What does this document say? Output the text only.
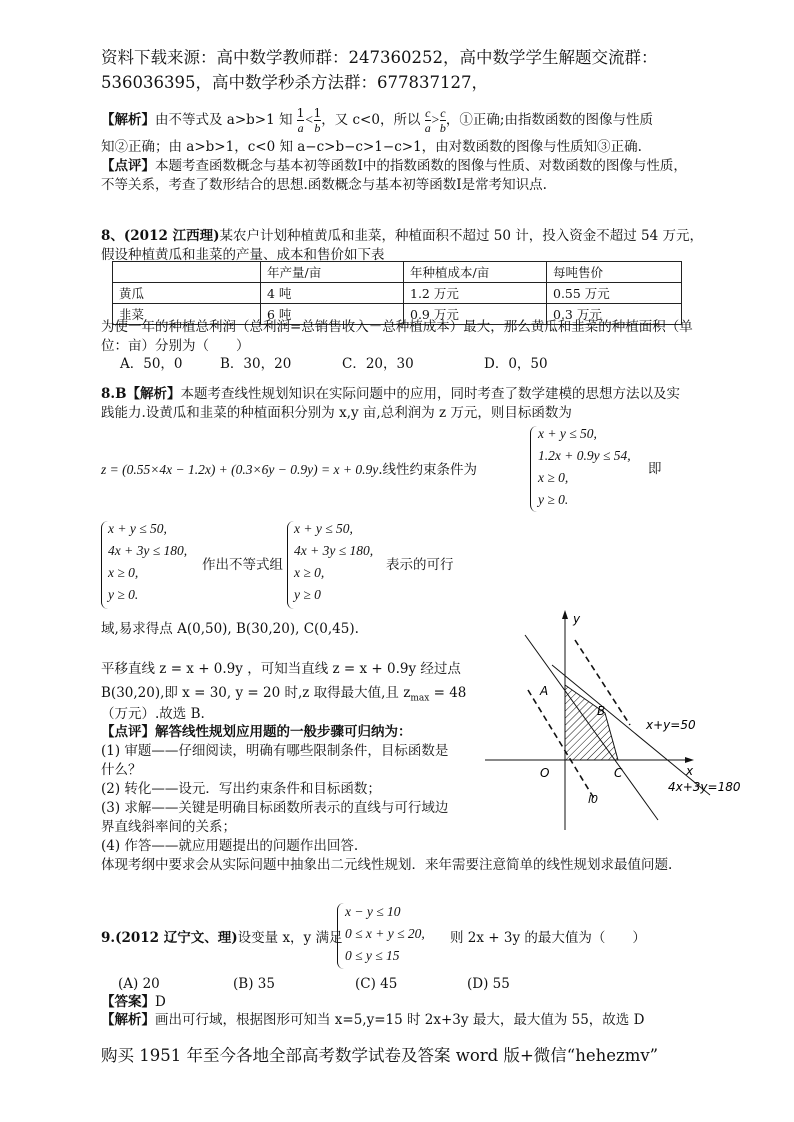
资料下载来源：高中数学教师群：247360252，高中数学学生解题交流群：
536036395，高中数学秒杀方法群：677837127，
【解析】由不等式及 a>b>1 知 $\frac{1}{a} < \frac{1}{b}$ ，又 c<0，所以 $\frac{c}{a} > \frac{c}{b}$ ，①正确;由指数函数的图像与性质
知②正确；由 a>b>1，c<0 知 a−c>b−c>1−c>1，由对数函数的图像与性质知③正确.
【点评】本题考查函数概念与基本初等函数Ⅰ中的指数函数的图像与性质、对数函数的图像与性质，
不等关系，考查了数形结合的思想.函数概念与基本初等函数Ⅰ是常考知识点.
8、(2012 江西理)某农户计划种植黄瓜和韭菜，种植面积不超过 50 计，投入资金不超过 54 万元，
假设种植黄瓜和韭菜的产量、成本和售价如下表
	年产量/亩	年种植成本/亩	每吨售价
黄瓜	4 吨	1.2 万元	0.55 万元
韭菜	6 吨	0.9 万元	0.3 万元
为使一年的种植总利润（总利润=总销售收入－总种植成本）最大，那么黄瓜和韭菜的种植面积（单
位：亩）分别为（　　）
A．50，0	B．30，20	C．20，30	D．0，50
8.B【解析】本题考查线性规划知识在实际问题中的应用，同时考查了数学建模的思想方法以及实
践能力.设黄瓜和韭菜的种植面积分别为 x,y 亩,总利润为 z 万元，则目标函数为
z = (0.55×4x − 1.2x) + (0.3×6y − 0.9y) = x + 0.9y.线性约束条件为
x + y ≤ 50,
1.2x + 0.9y ≤ 54,
x ≥ 0,
y ≥ 0.
即
x + y ≤ 50,
4x + 3y ≤ 180,
x ≥ 0,
y ≥ 0.
作出不等式组
x + y ≤ 50,
4x + 3y ≤ 180,
x ≥ 0,
y ≥ 0
表示的可行
域,易求得点 A(0,50), B(30,20), C(0,45).
平移直线 z = x + 0.9y ，可知当直线 z = x + 0.9y 经过点
B(30,20),即 x = 30, y = 20 时,z 取得最大值,且 $z_{max} = 48$
（万元）.故选 B.
【点评】解答线性规划应用题的一般步骤可归纳为：
(1) 审题——仔细阅读，明确有哪些限制条件，目标函数是
什么？
(2) 转化——设元．写出约束条件和目标函数；
(3) 求解——关键是明确目标函数所表示的直线与可行域边
界直线斜率间的关系；
(4) 作答——就应用题提出的问题作出回答.
体现考纲中要求会从实际问题中抽象出二元线性规划．来年需要注意简单的线性规划求最值问题.
y
x
O
A
B
C
l0
x+y=50
4x+3y=180
x − y ≤ 10
0 ≤ x + y ≤ 20,
0 ≤ y ≤ 15
9.(2012 辽宁文、理)设变量 x，y 满足	则 2x + 3y 的最大值为（　　）
(A) 20	(B) 35	(C) 45	(D) 55
【答案】D
【解析】画出可行域，根据图形可知当 x=5,y=15 时 2x+3y 最大，最大值为 55，故选 D
购买 1951 年至今各地全部高考数学试卷及答案 word 版+微信“hehezmv”
